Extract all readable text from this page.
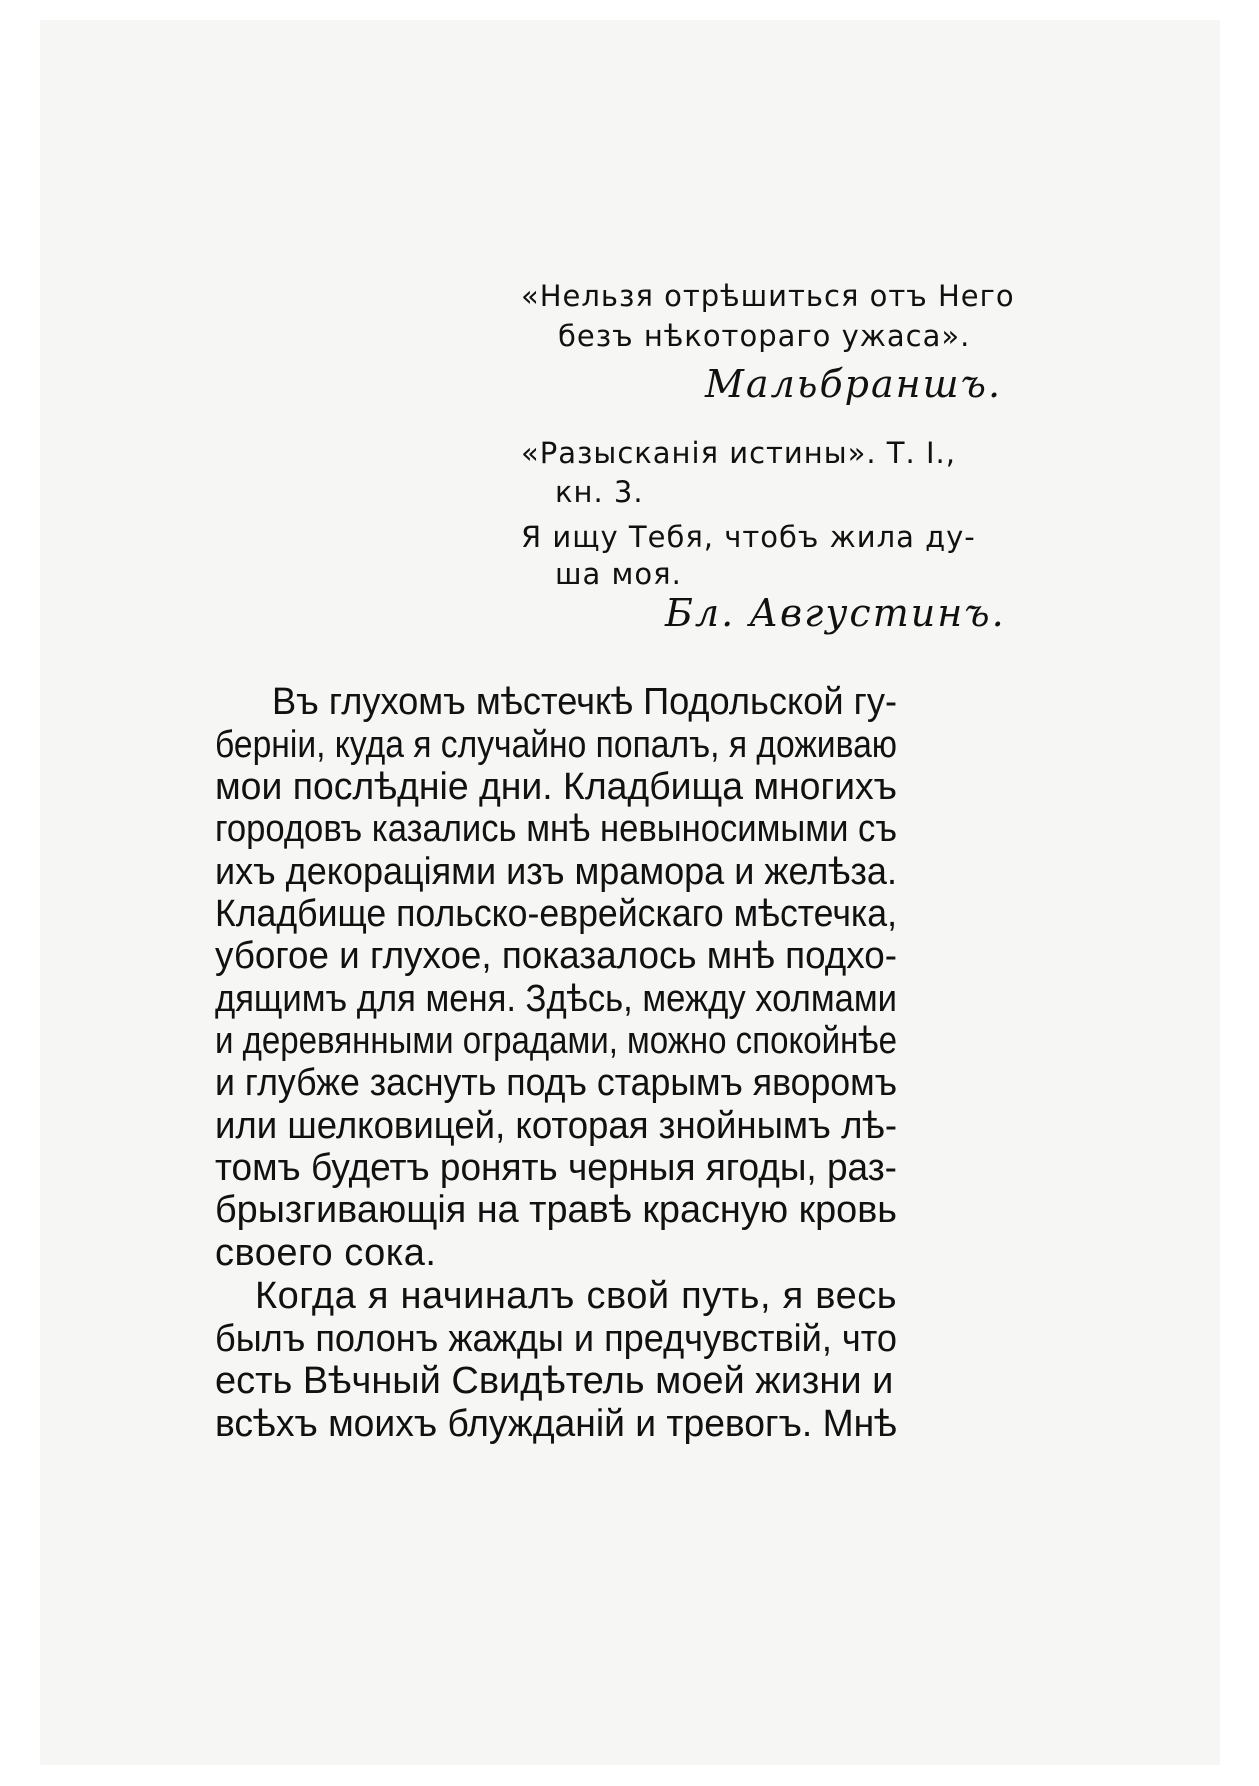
«Нельзя отрѣшиться отъ Него
безъ нѣкотораго ужаса».
Мальбраншъ.
«Разысканія истины». Т. I.,
кн. 3.
Я ищу Тебя, чтобъ жила ду-
ша моя.
Бл. Августинъ.
Въ глухомъ мѣстечкѣ Подольской гу-
берніи, куда я случайно попалъ, я доживаю
мои послѣдніе дни. Кладбища многихъ
городовъ казались мнѣ невыносимыми съ
ихъ декораціями изъ мрамора и желѣза.
Кладбище польско-еврейскаго мѣстечка,
убогое и глухое, показалось мнѣ подхо-
дящимъ для меня. Здѣсь, между холмами
и деревянными оградами, можно спокойнѣе
и глубже заснуть подъ старымъ яворомъ
или шелковицей, которая знойнымъ лѣ-
томъ будетъ ронять черныя ягоды, раз-
брызгивающія на травѣ красную кровь
своего сока.
Когда я начиналъ свой путь, я весь
былъ полонъ жажды и предчувствій, что
есть Вѣчный Свидѣтель моей жизни и
всѣхъ моихъ блужданій и тревогъ. Мнѣ
